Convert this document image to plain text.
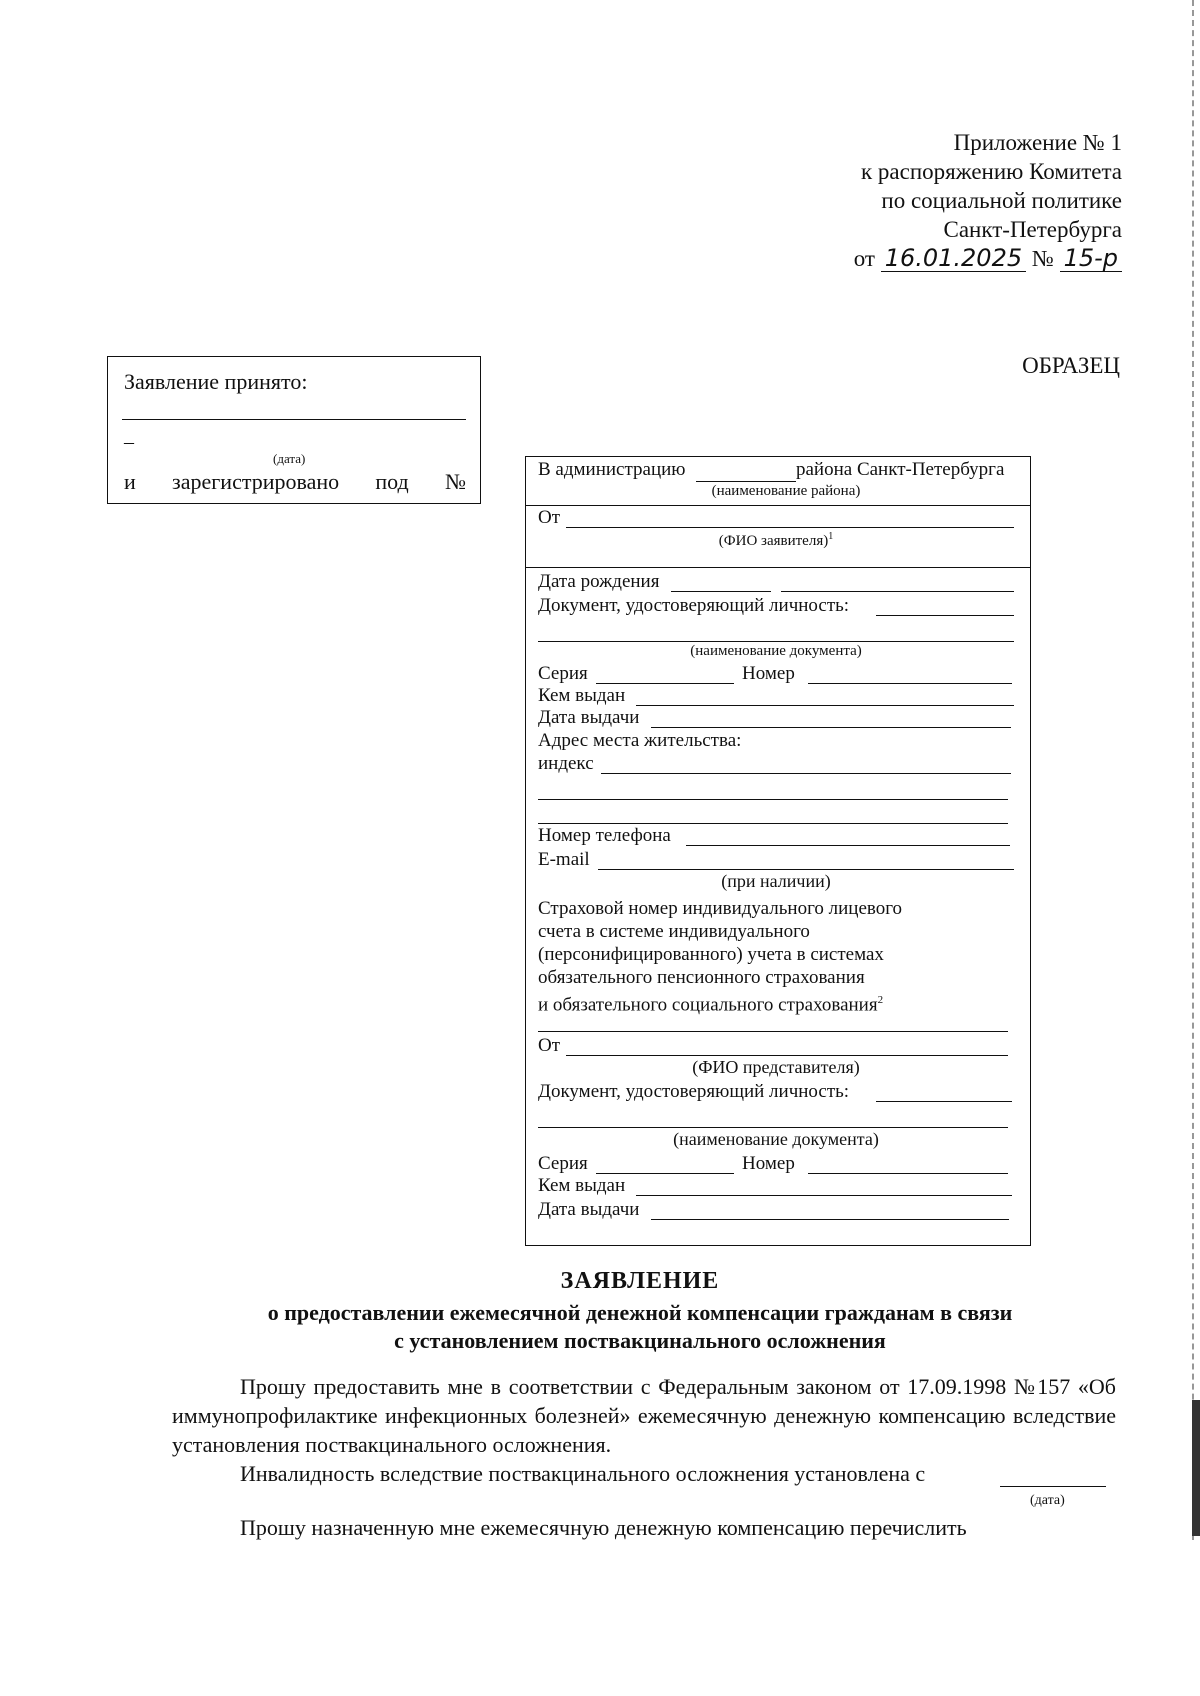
Приложение № 1
к распоряжению Комитета
по социальной политике
Санкт-Петербурга
от 16.01.2025 № 15-р
ОБРАЗЕЦ
Заявление принято:
–
(дата)
и зарегистрировано под №	В администрацию	района Санкт-Петербурга
(наименование района)
От
(ФИО заявителя)$^1$
Дата рождения
Документ, удостоверяющий личность:
(наименование документа)
Серия	Номер
Кем выдан
Дата выдачи
Адрес места жительства:
индекс
Номер телефона
E-mail
(при наличии)
Страховой номер индивидуального лицевого
счета в системе индивидуального
(персонифицированного) учета в системах
обязательного пенсионного страхования
и обязательного социального страхования$^2$
От
(ФИО представителя)
Документ, удостоверяющий личность:
(наименование документа)
Серия	Номер
Кем выдан
Дата выдачи
ЗАЯВЛЕНИЕ
о предоставлении ежемесячной денежной компенсации гражданам в связи
с установлением поствакцинального осложнения
Прошу предоставить мне в соответствии с Федеральным законом от 17.09.1998 №157 «Об иммунопрофилактике инфекционных болезней» ежемесячную денежную компенсацию вследствие установления поствакцинального осложнения.
Инвалидность вследствие поствакцинального осложнения установлена с
(дата)
Прошу назначенную мне ежемесячную денежную компенсацию перечислить
